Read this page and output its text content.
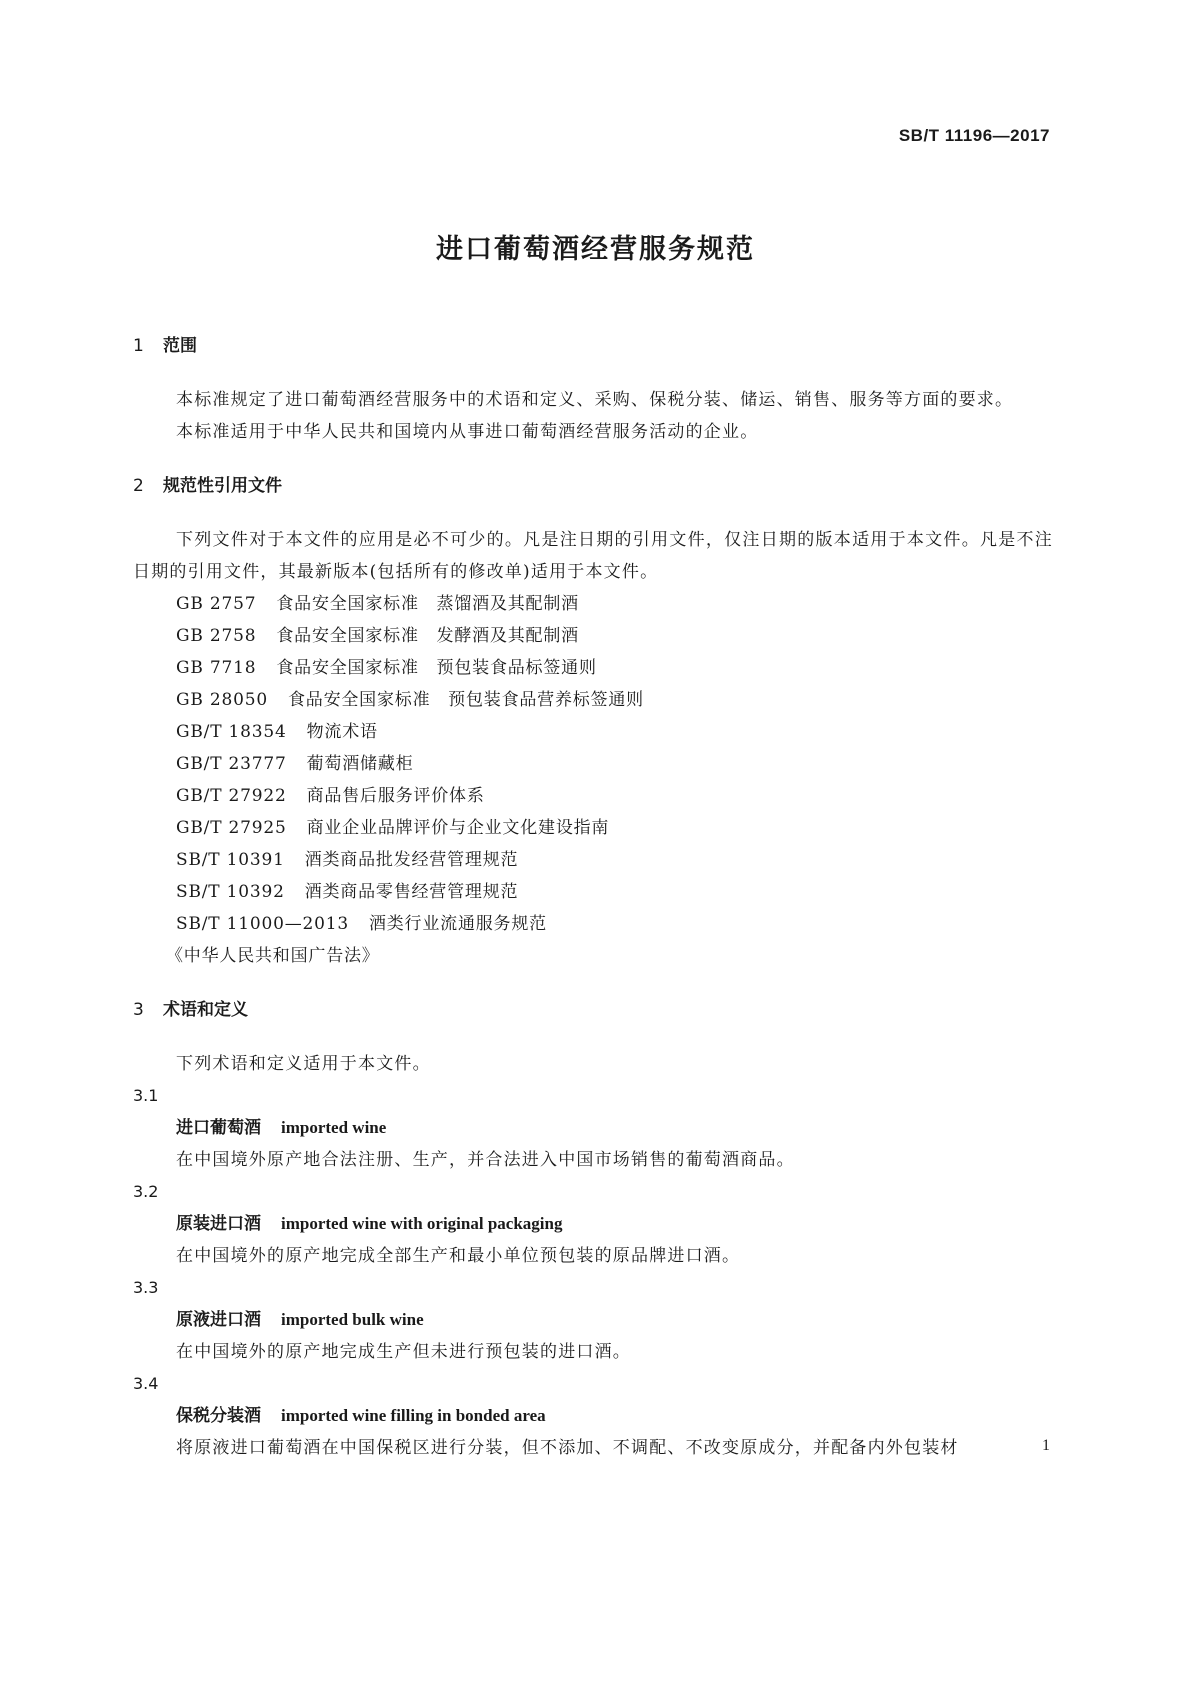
SB/T 11196—2017
进口葡萄酒经营服务规范
1 范围

本标准规定了进口葡萄酒经营服务中的术语和定义、采购、保税分装、储运、销售、服务等方面的要求。

本标准适用于中华人民共和国境内从事进口葡萄酒经营服务活动的企业。

2 规范性引用文件

下列文件对于本文件的应用是必不可少的。凡是注日期的引用文件，仅注日期的版本适用于本文件。凡是不注日期的引用文件，其最新版本(包括所有的修改单)适用于本文件。

GB 2757 食品安全国家标准　蒸馏酒及其配制酒
GB 2758 食品安全国家标准　发酵酒及其配制酒
GB 7718 食品安全国家标准　预包装食品标签通则
GB 28050 食品安全国家标准　预包装食品营养标签通则
GB/T 18354 物流术语
GB/T 23777 葡萄酒储藏柜
GB/T 27922 商品售后服务评价体系
GB/T 27925 商业企业品牌评价与企业文化建设指南
SB/T 10391 酒类商品批发经营管理规范
SB/T 10392 酒类商品零售经营管理规范
SB/T 11000—2013 酒类行业流通服务规范
《中华人民共和国广告法》
3 术语和定义

下列术语和定义适用于本文件。

3.1
进口葡萄酒 imported wine
在中国境外原产地合法注册、生产，并合法进入中国市场销售的葡萄酒商品。
3.2
原装进口酒 imported wine with original packaging
在中国境外的原产地完成全部生产和最小单位预包装的原品牌进口酒。
3.3
原液进口酒 imported bulk wine
在中国境外的原产地完成生产但未进行预包装的进口酒。
3.4
保税分装酒 imported wine filling in bonded area
将原液进口葡萄酒在中国保税区进行分装，但不添加、不调配、不改变原成分，并配备内外包装材	1
